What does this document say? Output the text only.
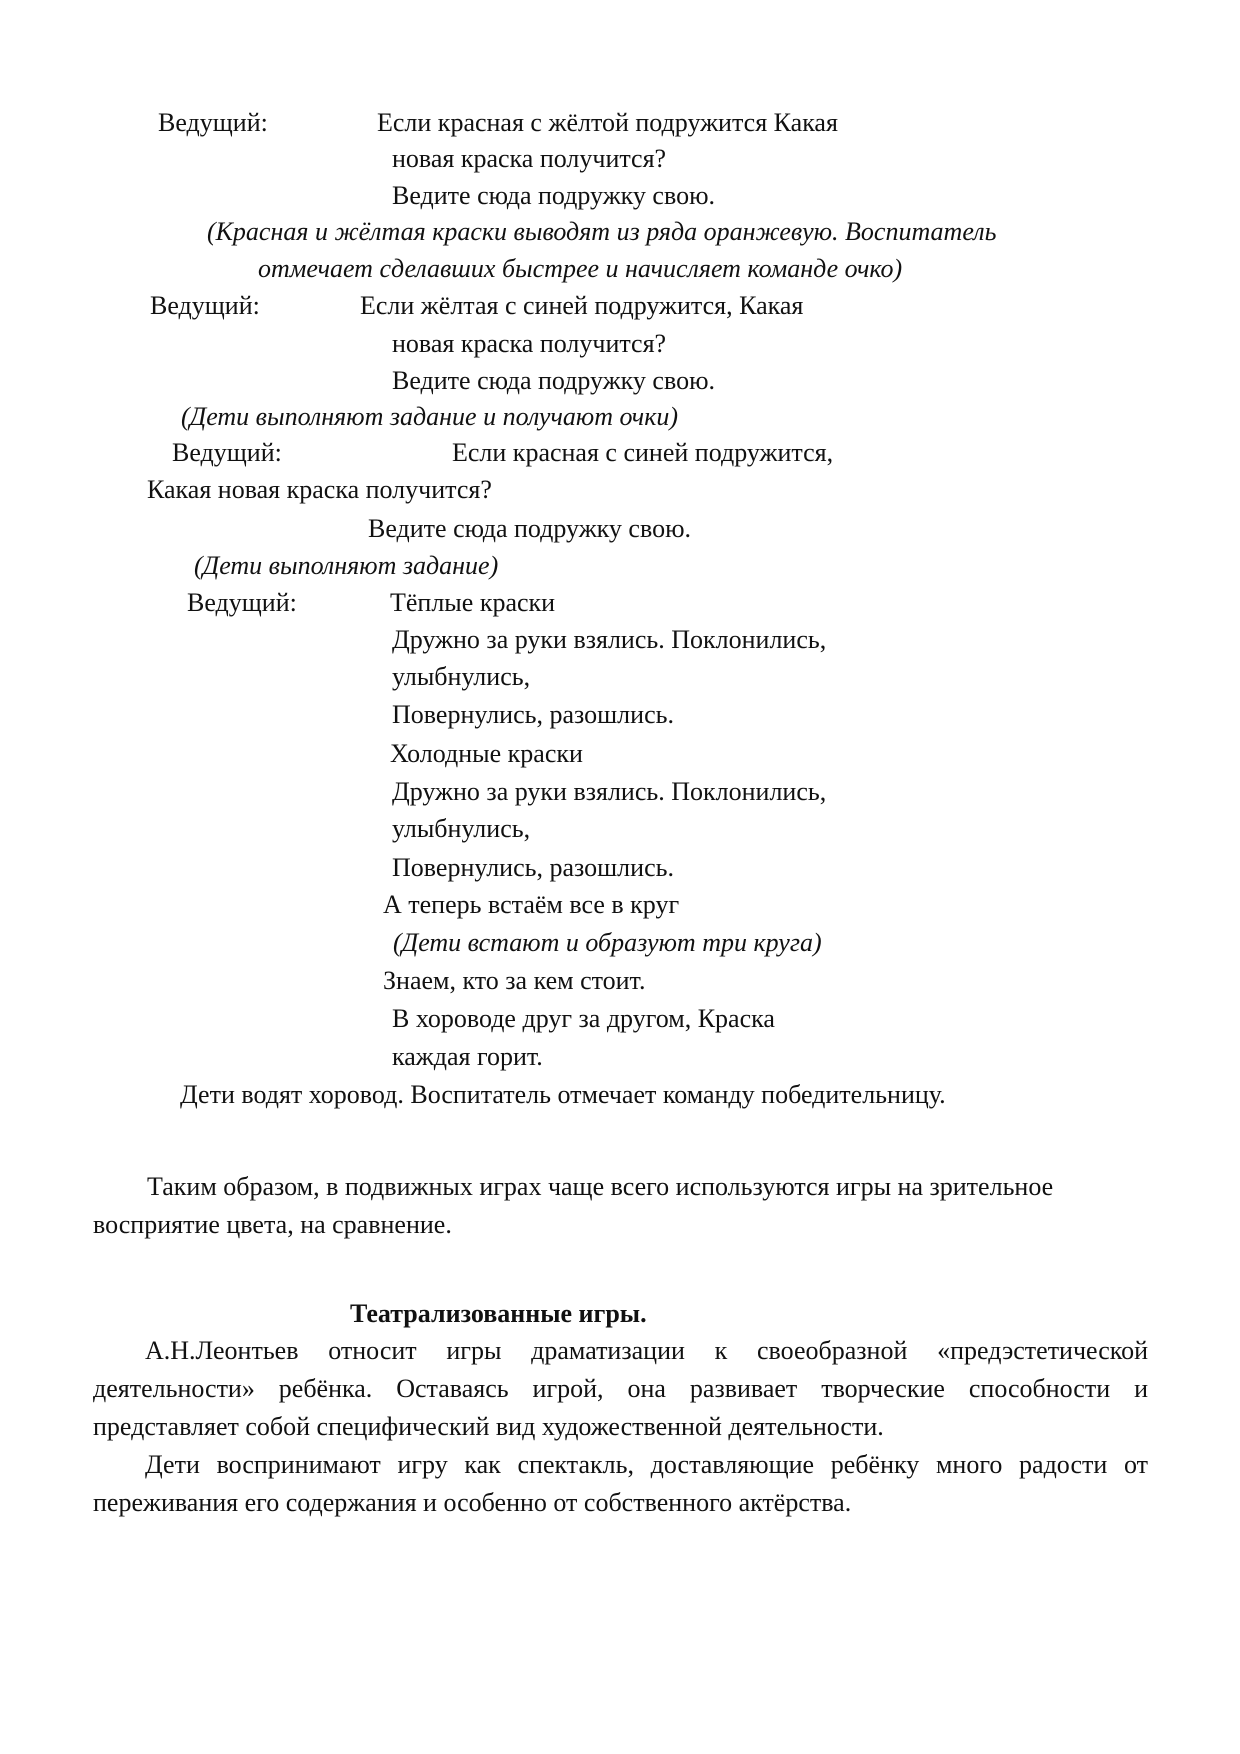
Ведущий:	Если красная с жёлтой подружится Какая
новая краска получится?
Ведите сюда подружку свою.
(Красная и жёлтая краски выводят из ряда оранжевую. Воспитатель
отмечает сделавших быстрее и начисляет команде очко)
Ведущий:	Если жёлтая с синей подружится, Какая
новая краска получится?
Ведите сюда подружку свою.
(Дети выполняют задание и получают очки)
Ведущий:	Если красная с синей подружится,
Какая новая краска получится?
Ведите сюда подружку свою.
(Дети выполняют задание)
Ведущий:	Тёплые краски
Дружно за руки взялись. Поклонились,
улыбнулись,
Повернулись, разошлись.
Холодные краски
Дружно за руки взялись. Поклонились,
улыбнулись,
Повернулись, разошлись.
А теперь встаём все в круг
(Дети встают и образуют три круга)
Знаем, кто за кем стоит.
В хороводе друг за другом, Краска
каждая горит.
Дети водят хоровод. Воспитатель отмечает команду победительницу.
Таким образом, в подвижных играх чаще всего используются игры на зрительное
восприятие цвета, на сравнение.
Театрализованные игры.
А.Н.Леонтьев относит игры драматизации к своеобразной «предэстетической деятельности» ребёнка. Оставаясь игрой, она развивает творческие способности и представляет собой специфический вид художественной деятельности.
Дети воспринимают игру как спектакль, доставляющие ребёнку много радости от переживания его содержания и особенно от собственного актёрства.
